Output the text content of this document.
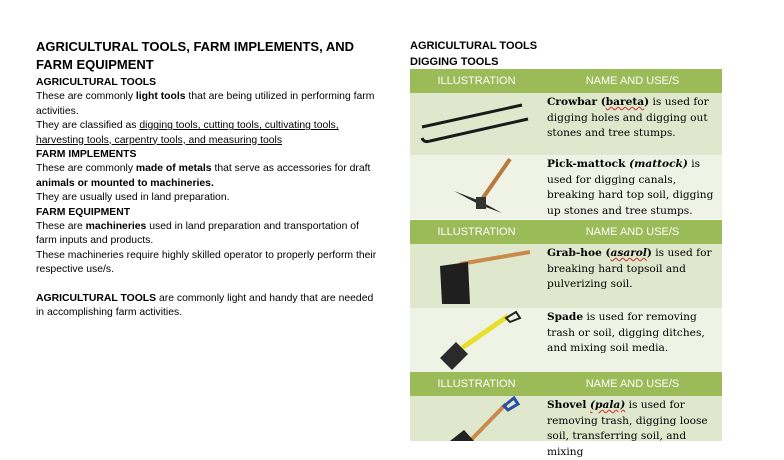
AGRICULTURAL TOOLS, FARM IMPLEMENTS, AND FARM EQUIPMENT
AGRICULTURAL TOOLS

These are commonly light tools that are being utilized in performing farm activities.

They are classified as digging tools, cutting tools, cultivating tools, harvesting tools, carpentry tools, and measuring tools

FARM IMPLEMENTS

These are commonly made of metals that serve as accessories for draft animals or mounted to machineries.

They are usually used in land preparation.

FARM EQUIPMENT

These are machineries used in land preparation and transportation of farm inputs and products.

These machineries require highly skilled operator to properly perform their respective use/s.

AGRICULTURAL TOOLS are commonly light and handy that are needed in accomplishing farm activities.

AGRICULTURAL TOOLS
DIGGING TOOLS
ILLUSTRATION	NAME AND USE/S
Crowbar (bareta) is used for digging holes and digging out stones and tree stumps.
Pick-mattock (mattock) is used for digging canals, breaking hard top soil, digging up stones and tree stumps.
ILLUSTRATION	NAME AND USE/S
Grab-hoe (asarol) is used for breaking hard topsoil and pulverizing soil.
Spade is used for removing trash or soil, digging ditches, and mixing soil media.
ILLUSTRATION	NAME AND USE/S
Shovel (pala) is used for removing trash, digging loose soil, transferring soil, and mixing
